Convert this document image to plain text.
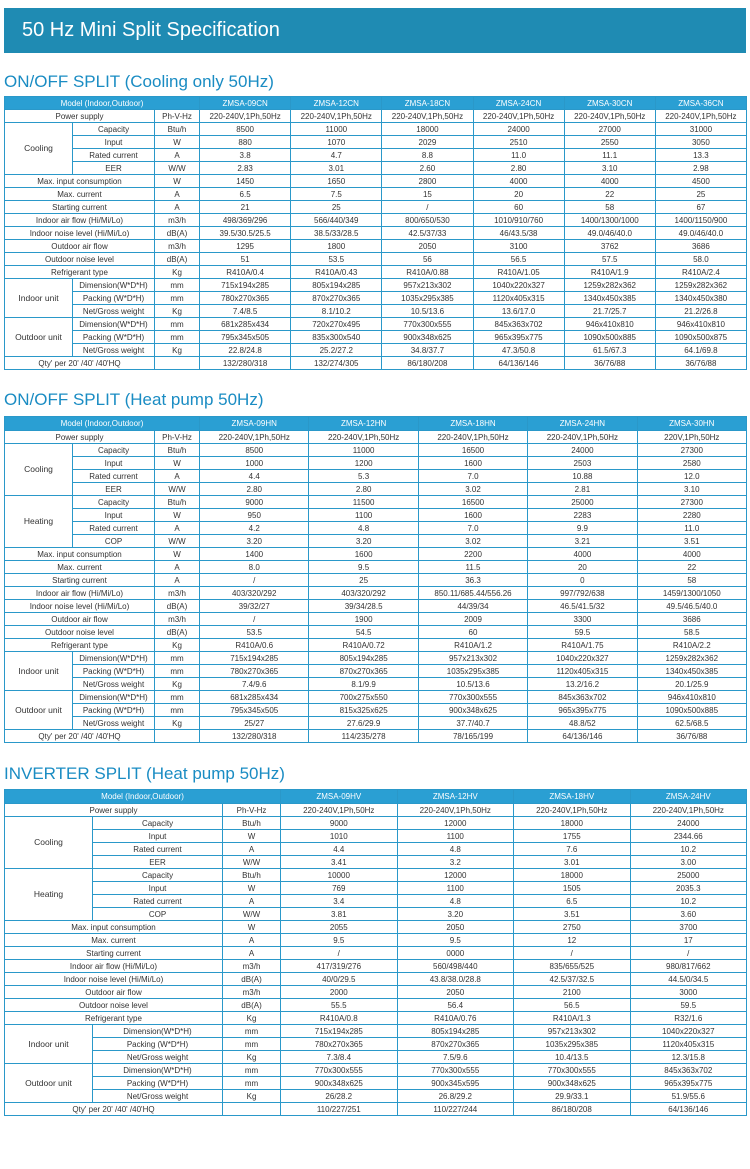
50 Hz Mini Split Specification
ON/OFF SPLIT (Cooling only 50Hz)
Model (Indoor,Outdoor)			ZMSA-09CN	ZMSA-12CN	ZMSA-18CN	ZMSA-24CN	ZMSA-30CN	ZMSA-36CN
Power supply		Ph-V-Hz	220-240V,1Ph,50Hz	220-240V,1Ph,50Hz	220-240V,1Ph,50Hz	220-240V,1Ph,50Hz	220-240V,1Ph,50Hz	220-240V,1Ph,50Hz
Cooling	Capacity	Btu/h	8500	11000	18000	24000	27000	31000
	Input	W	880	1070	2029	2510	2550	3050
	Rated current	A	3.8	4.7	8.8	11.0	11.1	13.3
	EER	W/W	2.83	3.01	2.60	2.80	3.10	2.98
Max. input consumption		W	1450	1650	2800	4000	4000	4500
Max. current		A	6.5	7.5	15	20	22	25
Starting current		A	21	25	/	60	58	67
Indoor air flow (Hi/Mi/Lo)		m3/h	498/369/296	566/440/349	800/650/530	1010/910/760	1400/1300/1000	1400/1150/900
Indoor noise level (Hi/Mi/Lo)		dB(A)	39.5/30.5/25.5	38.5/33/28.5	42.5/37/33	46/43.5/38	49.0/46/40.0	49.0/46/40.0
Outdoor air flow		m3/h	1295	1800	2050	3100	3762	3686
Outdoor noise level		dB(A)	51	53.5	56	56.5	57.5	58.0
Refrigerant type		Kg	R410A/0.4	R410A/0.43	R410A/0.88	R410A/1.05	R410A/1.9	R410A/2.4
Indoor unit	Dimension(W*D*H)	mm	715x194x285	805x194x285	957x213x302	1040x220x327	1259x282x362	1259x282x362
	Packing (W*D*H)	mm	780x270x365	870x270x365	1035x295x385	1120x405x315	1340x450x385	1340x450x380
	Net/Gross weight	Kg	7.4/8.5	8.1/10.2	10.5/13.6	13.6/17.0	21.7/25.7	21.2/26.8
Outdoor unit	Dimension(W*D*H)	mm	681x285x434	720x270x495	770x300x555	845x363x702	946x410x810	946x410x810
	Packing (W*D*H)	mm	795x345x505	835x300x540	900x348x625	965x395x775	1090x500x885	1090x500x875
	Net/Gross weight	Kg	22.8/24.8	25.2/27.2	34.8/37.7	47.3/50.8	61.5/67.3	64.1/69.8
Qty' per 20' /40' /40'HQ			132/280/318	132/274/305	86/180/208	64/136/146	36/76/88	36/76/88
ON/OFF SPLIT (Heat pump 50Hz)
Model (Indoor,Outdoor)			ZMSA-09HN	ZMSA-12HN	ZMSA-18HN	ZMSA-24HN	ZMSA-30HN
Power supply		Ph-V-Hz	220-240V,1Ph,50Hz	220-240V,1Ph,50Hz	220-240V,1Ph,50Hz	220-240V,1Ph,50Hz	220V,1Ph,50Hz
Cooling	Capacity	Btu/h	8500	11000	16500	24000	27300
	Input	W	1000	1200	1600	2503	2580
	Rated current	A	4.4	5.3	7.0	10.88	12.0
	EER	W/W	2.80	2.80	3.02	2.81	3.10
Heating	Capacity	Btu/h	9000	11500	16500	25000	27300
	Input	W	950	1100	1600	2283	2280
	Rated current	A	4.2	4.8	7.0	9.9	11.0
	COP	W/W	3.20	3.20	3.02	3.21	3.51
Max. input consumption		W	1400	1600	2200	4000	4000
Max. current		A	8.0	9.5	11.5	20	22
Starting current		A	/	25	36.3	0	58
Indoor air flow (Hi/Mi/Lo)		m3/h	403/320/292	403/320/292	850.11/685.44/556.26	997/792/638	1459/1300/1050
Indoor noise level (Hi/Mi/Lo)		dB(A)	39/32/27	39/34/28.5	44/39/34	46.5/41.5/32	49.5/46.5/40.0
Outdoor air flow		m3/h	/	1900	2009	3300	3686
Outdoor noise level		dB(A)	53.5	54.5	60	59.5	58.5
Refrigerant type		Kg	R410A/0.6	R410A/0.72	R410A/1.2	R410A/1.75	R410A/2.2
Indoor unit	Dimension(W*D*H)	mm	715x194x285	805x194x285	957x213x302	1040x220x327	1259x282x362
	Packing (W*D*H)	mm	780x270x365	870x270x365	1035x295x385	1120x405x315	1340x450x385
	Net/Gross weight	Kg	7.4/9.6	8.1/9.9	10.5/13.6	13.2/16.2	20.1/25.9
Outdoor unit	Dimension(W*D*H)	mm	681x285x434	700x275x550	770x300x555	845x363x702	946x410x810
	Packing (W*D*H)	mm	795x345x505	815x325x625	900x348x625	965x395x775	1090x500x885
	Net/Gross weight	Kg	25/27	27.6/29.9	37.7/40.7	48.8/52	62.5/68.5
Qty' per 20' /40' /40'HQ			132/280/318	114/235/278	78/165/199	64/136/146	36/76/88
INVERTER SPLIT (Heat pump 50Hz)
Model (Indoor,Outdoor)			ZMSA-09HV	ZMSA-12HV	ZMSA-18HV	ZMSA-24HV
Power supply		Ph-V-Hz	220-240V,1Ph,50Hz	220-240V,1Ph,50Hz	220-240V,1Ph,50Hz	220-240V,1Ph,50Hz
Cooling	Capacity	Btu/h	9000	12000	18000	24000
	Input	W	1010	1100	1755	2344.66
	Rated current	A	4.4	4.8	7.6	10.2
	EER	W/W	3.41	3.2	3.01	3.00
Heating	Capacity	Btu/h	10000	12000	18000	25000
	Input	W	769	1100	1505	2035.3
	Rated current	A	3.4	4.8	6.5	10.2
	COP	W/W	3.81	3.20	3.51	3.60
Max. input consumption		W	2055	2050	2750	3700
Max. current		A	9.5	9.5	12	17
Starting current		A	/	0000	/	/
Indoor air flow (Hi/Mi/Lo)		m3/h	417/319/276	560/498/440	835/655/525	980/817/662
Indoor noise level (Hi/Mi/Lo)		dB(A)	40/0/29.5	43.8/38.0/28.8	42.5/37/32.5	44.5/0/34.5
Outdoor air flow		m3/h	2000	2050	2100	3000
Outdoor noise level		dB(A)	55.5	56.4	56.5	59.5
Refrigerant type		Kg	R410A/0.8	R410A/0.76	R410A/1.3	R32/1.6
Indoor unit	Dimension(W*D*H)	mm	715x194x285	805x194x285	957x213x302	1040x220x327
	Packing (W*D*H)	mm	780x270x365	870x270x365	1035x295x385	1120x405x315
	Net/Gross weight	Kg	7.3/8.4	7.5/9.6	10.4/13.5	12.3/15.8
Outdoor unit	Dimension(W*D*H)	mm	770x300x555	770x300x555	770x300x555	845x363x702
	Packing (W*D*H)	mm	900x348x625	900x345x595	900x348x625	965x395x775
	Net/Gross weight	Kg	26/28.2	26.8/29.2	29.9/33.1	51.9/55.6
Qty' per 20' /40' /40'HQ			110/227/251	110/227/244	86/180/208	64/136/146
